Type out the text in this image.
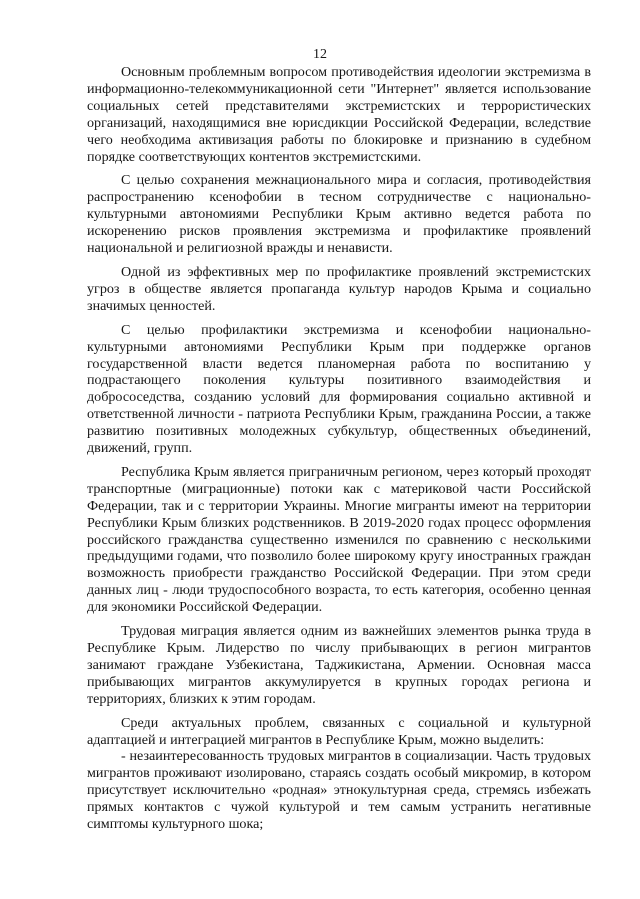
12

Основным проблемным вопросом противодействия идеологии экстремизма в информационно-телекоммуникационной сети "Интернет" является использование социальных сетей представителями экстремистских и террористических организаций, находящимися вне юрисдикции Российской Федерации, вследствие чего необходима активизация работы по блокировке и признанию в судебном порядке соответствующих контентов экстремистскими.

С целью сохранения межнационального мира и согласия, противодействия распространению ксенофобии в тесном сотрудничестве с национально-культурными автономиями Республики Крым активно ведется работа по искоренению рисков проявления экстремизма и профилактике проявлений национальной и религиозной вражды и ненависти.

Одной из эффективных мер по профилактике проявлений экстремистских угроз в обществе является пропаганда культур народов Крыма и социально значимых ценностей.

С целью профилактики экстремизма и ксенофобии национально-культурными автономиями Республики Крым при поддержке органов государственной власти ведется планомерная работа по воспитанию у подрастающего поколения культуры позитивного взаимодействия и добрососедства, созданию условий для формирования социально активной и ответственной личности - патриота Республики Крым, гражданина России, а также развитию позитивных молодежных субкультур, общественных объединений, движений, групп.

Республика Крым является приграничным регионом, через который проходят транспортные (миграционные) потоки как с материковой части Российской Федерации, так и с территории Украины. Многие мигранты имеют на территории Республики Крым близких родственников. В 2019-2020 годах процесс оформления российского гражданства существенно изменился по сравнению с несколькими предыдущими годами, что позволило более широкому кругу иностранных граждан возможность приобрести гражданство Российской Федерации. При этом среди данных лиц - люди трудоспособного возраста, то есть категория, особенно ценная для экономики Российской Федерации.

Трудовая миграция является одним из важнейших элементов рынка труда в Республике Крым. Лидерство по числу прибывающих в регион мигрантов занимают граждане Узбекистана, Таджикистана, Армении. Основная масса прибывающих мигрантов аккумулируется в крупных городах региона и территориях, близких к этим городам.

Среди актуальных проблем, связанных с социальной и культурной адаптацией и интеграцией мигрантов в Республике Крым, можно выделить:

- незаинтересованность трудовых мигрантов в социализации. Часть трудовых мигрантов проживают изолировано, стараясь создать особый микромир, в котором присутствует исключительно «родная» этнокультурная среда, стремясь избежать прямых контактов с чужой культурой и тем самым устранить негативные симптомы культурного шока;
